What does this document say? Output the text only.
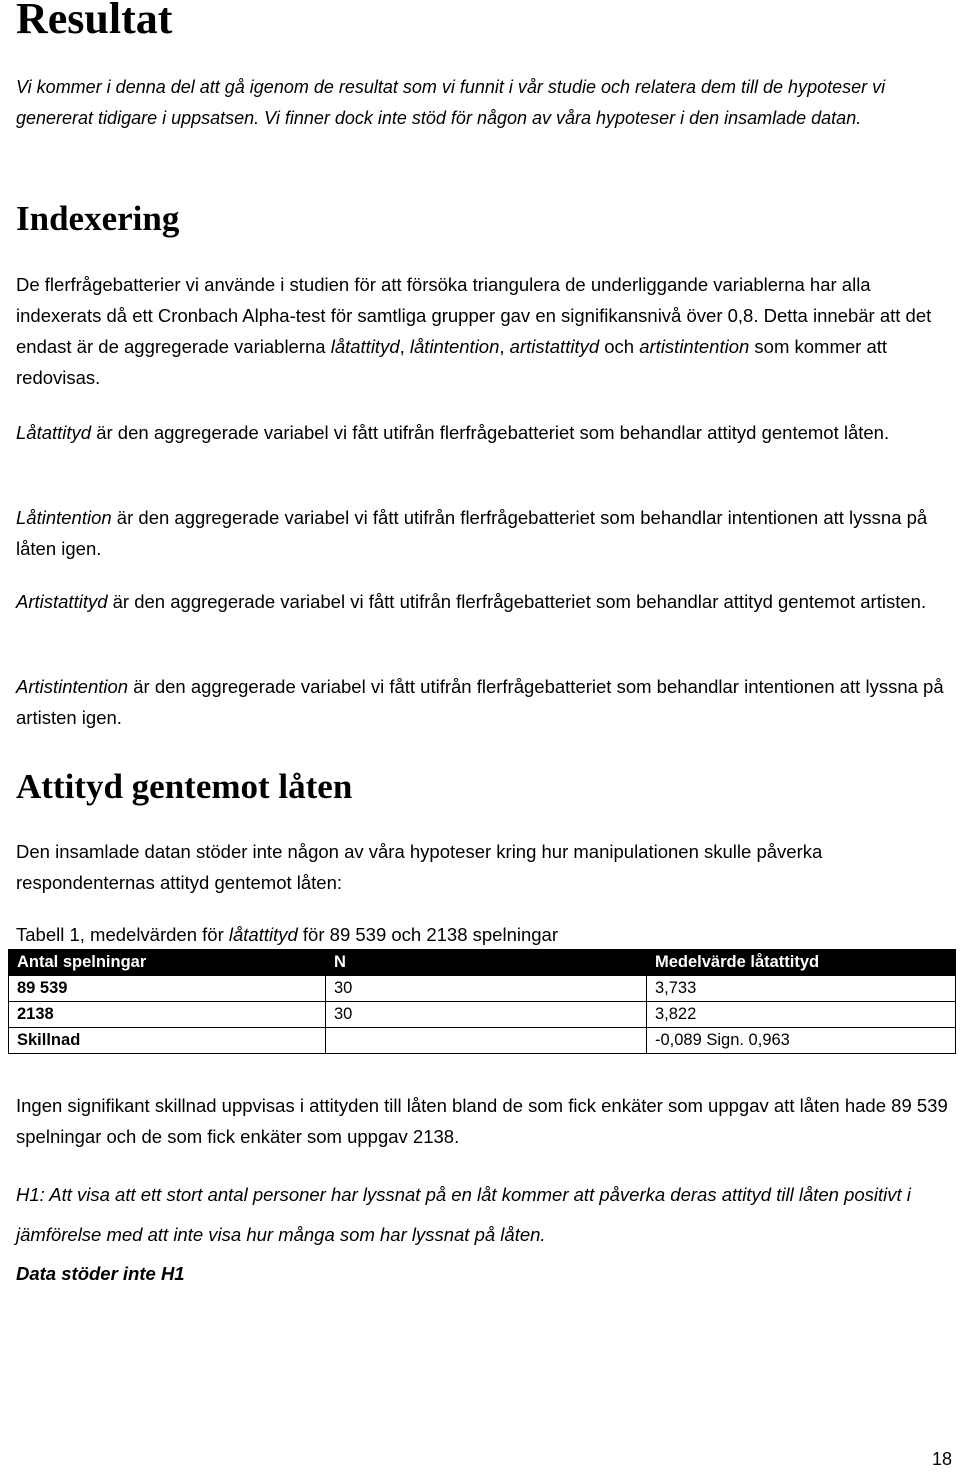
Resultat

Vi kommer i denna del att gå igenom de resultat som vi funnit i vår studie och relatera dem till de hypoteser vi genererat tidigare i uppsatsen. Vi finner dock inte stöd för någon av våra hypoteser i den insamlade datan.

Indexering

De flerfrågebatterier vi använde i studien för att försöka triangulera de underliggande variablerna har alla indexerats då ett Cronbach Alpha-test för samtliga grupper gav en signifikansnivå över 0,8. Detta innebär att det endast är de aggregerade variablerna låtattityd, låtintention, artistattityd och artistintention som kommer att redovisas.

Låtattityd är den aggregerade variabel vi fått utifrån flerfrågebatteriet som behandlar attityd gentemot låten.

Låtintention är den aggregerade variabel vi fått utifrån flerfrågebatteriet som behandlar intentionen att lyssna på låten igen.

Artistattityd är den aggregerade variabel vi fått utifrån flerfrågebatteriet som behandlar attityd gentemot artisten.

Artistintention är den aggregerade variabel vi fått utifrån flerfrågebatteriet som behandlar intentionen att lyssna på artisten igen.

Attityd gentemot låten

Den insamlade datan stöder inte någon av våra hypoteser kring hur manipulationen skulle påverka respondenternas attityd gentemot låten:

Tabell 1, medelvärden för låtattityd för 89 539 och 2138 spelningar

Antal spelningar	N	Medelvärde låtattityd
89 539	30	3,733
2138	30	3,822
Skillnad		-0,089 Sign. 0,963

Ingen signifikant skillnad uppvisas i attityden till låten bland de som fick enkäter som uppgav att låten hade 89 539 spelningar och de som fick enkäter som uppgav 2138.

H1: Att visa att ett stort antal personer har lyssnat på en låt kommer att påverka deras attityd till låten positivt i jämförelse med att inte visa hur många som har lyssnat på låten.

Data stöder inte H1

18
